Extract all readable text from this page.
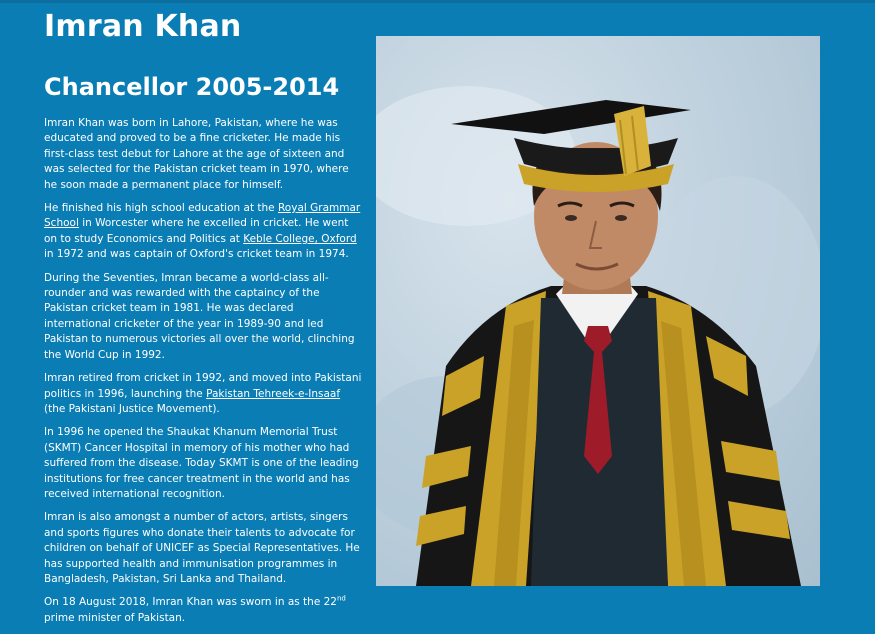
Imran Khan
Chancellor 2005-2014

Imran Khan was born in Lahore, Pakistan, where he was educated and proved to be a fine cricketer. He made his first-class test debut for Lahore at the age of sixteen and was selected for the Pakistan cricket team in 1970, where he soon made a permanent place for himself.

He finished his high school education at the Royal Grammar School in Worcester where he excelled in cricket. He went on to study Economics and Politics at Keble College, Oxford in 1972 and was captain of Oxford's cricket team in 1974.

During the Seventies, Imran became a world-class all-rounder and was rewarded with the captaincy of the Pakistan cricket team in 1981. He was declared international cricketer of the year in 1989-90 and led Pakistan to numerous victories all over the world, clinching the World Cup in 1992.

Imran retired from cricket in 1992, and moved into Pakistani politics in 1996, launching the Pakistan Tehreek-e-Insaaf (the Pakistani Justice Movement).

In 1996 he opened the Shaukat Khanum Memorial Trust (SKMT) Cancer Hospital in memory of his mother who had suffered from the disease. Today SKMT is one of the leading institutions for free cancer treatment in the world and has received international recognition.

Imran is also amongst a number of actors, artists, singers and sports figures who donate their talents to advocate for children on behalf of UNICEF as Special Representatives. He has supported health and immunisation programmes in Bangladesh, Pakistan, Sri Lanka and Thailand.

On 18 August 2018, Imran Khan was sworn in as the 22nd prime minister of Pakistan.
